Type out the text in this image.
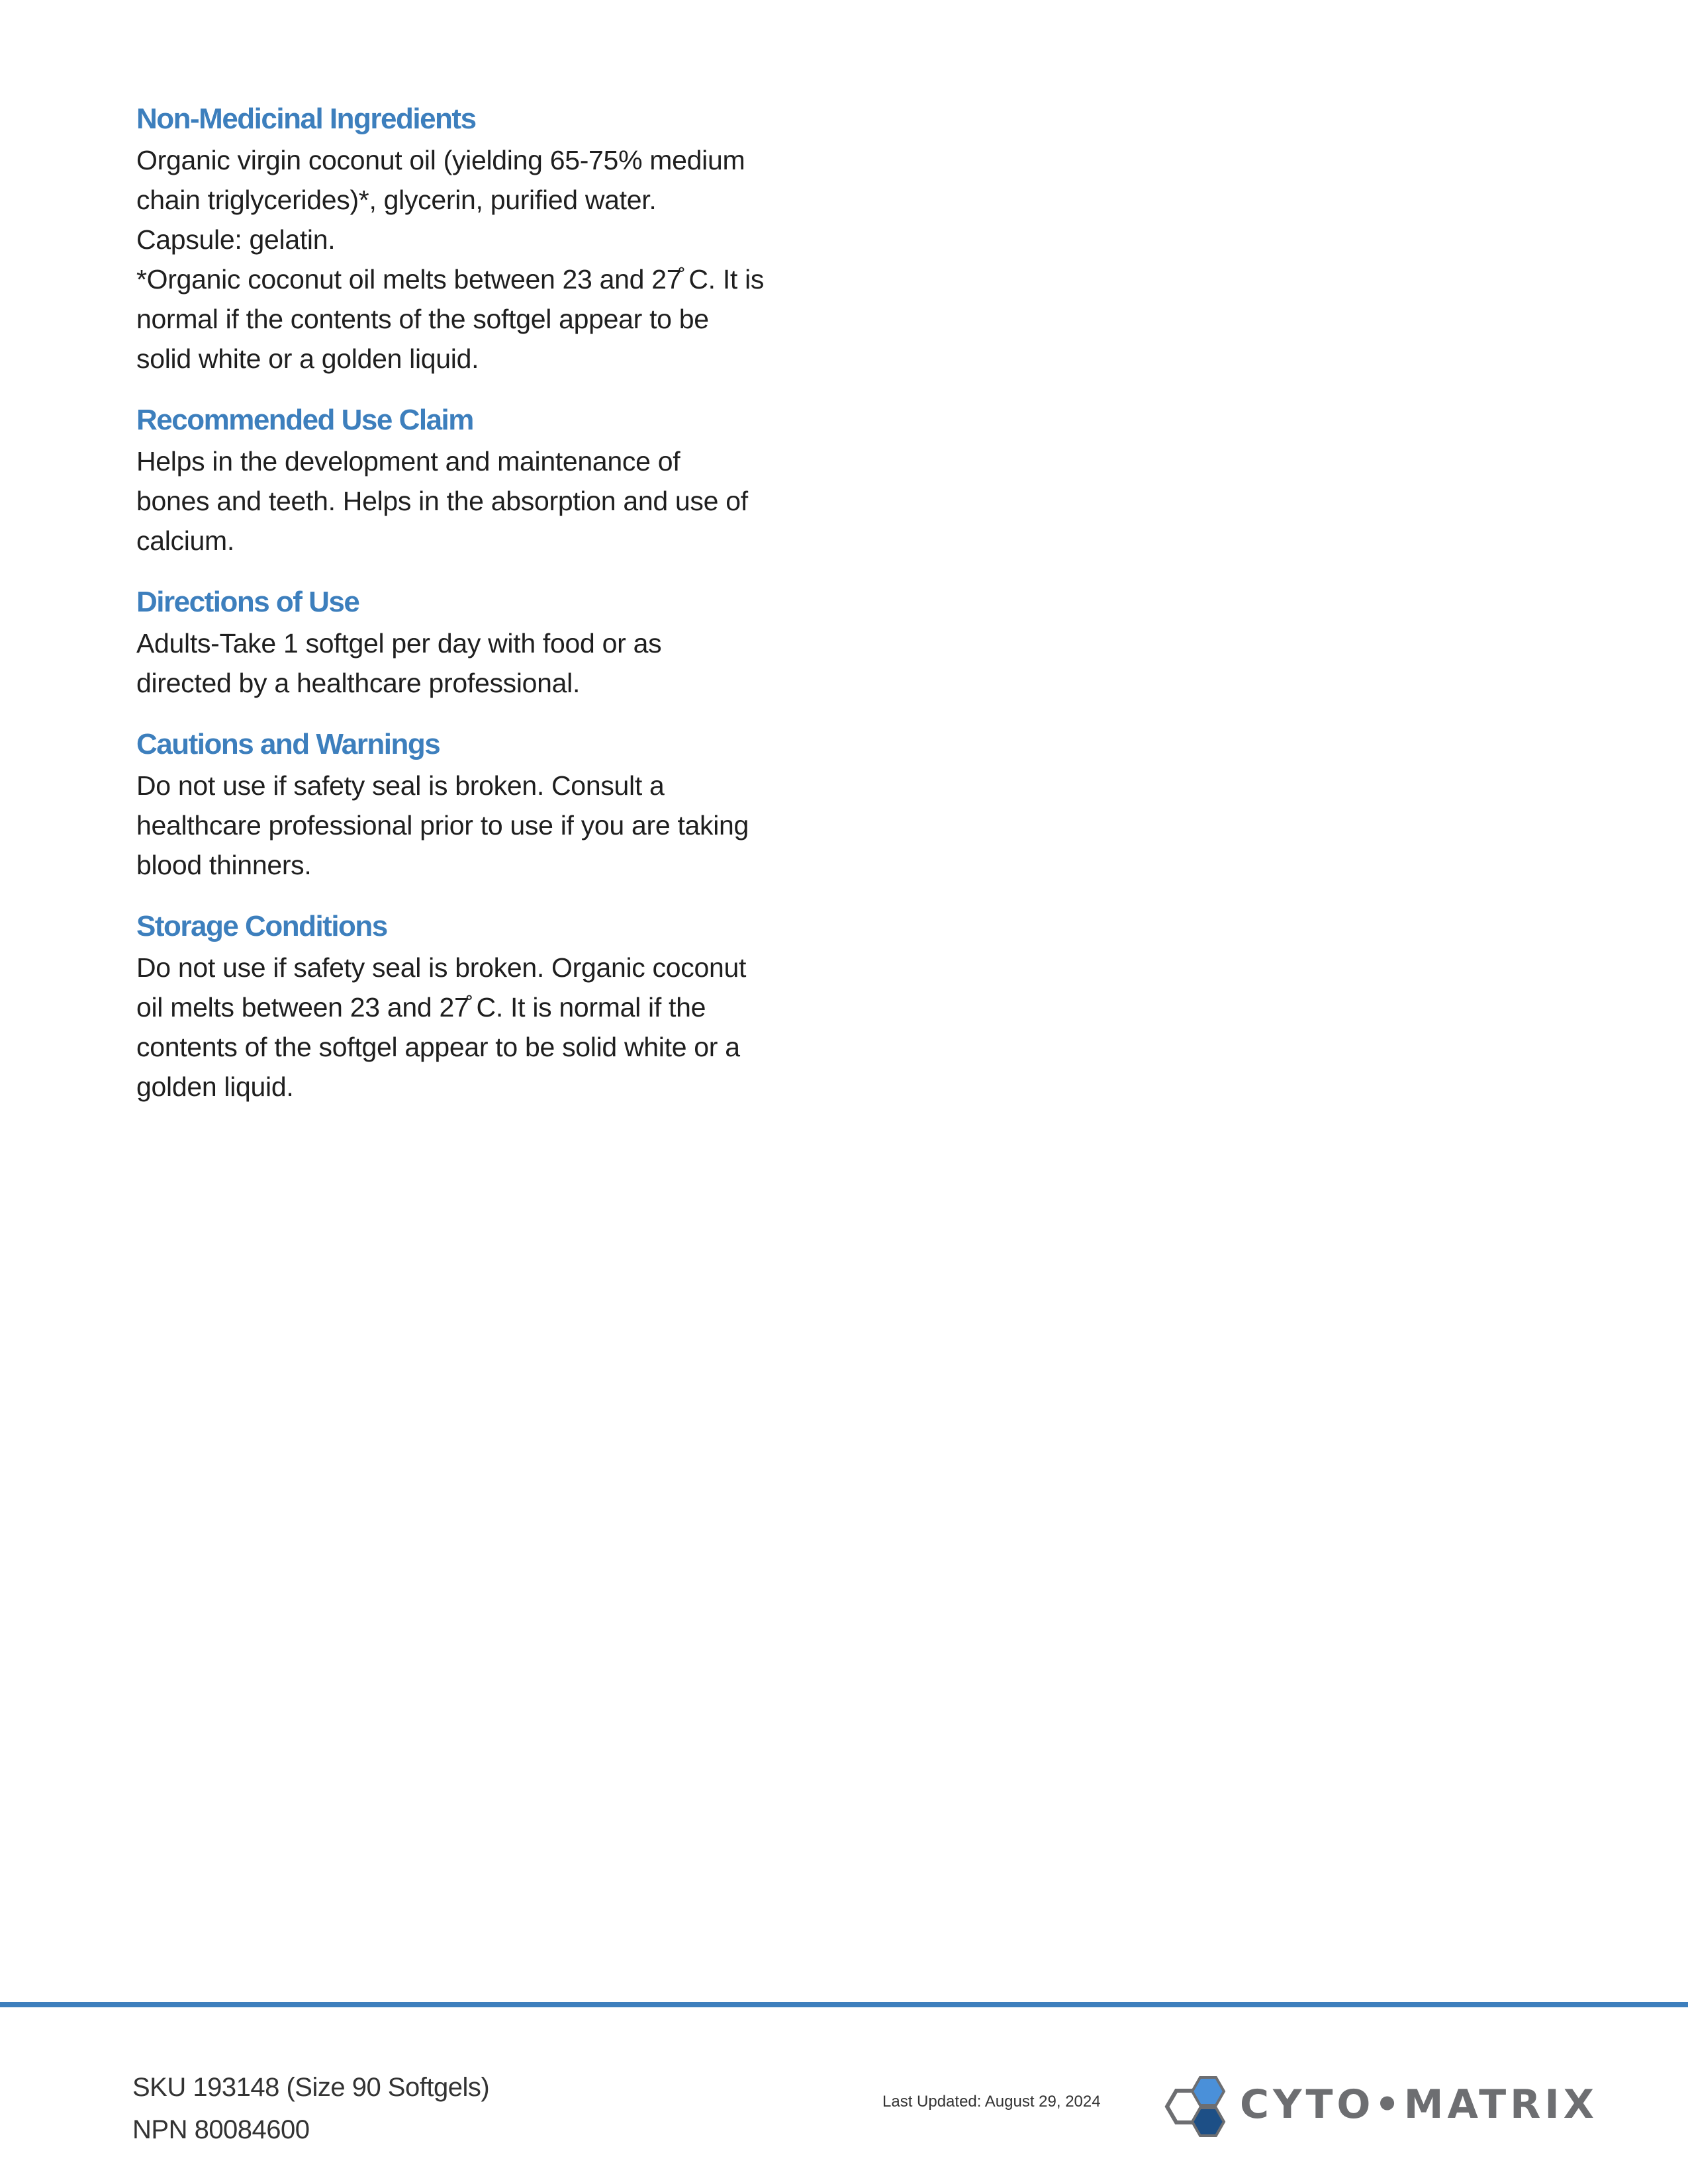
Non-Medicinal Ingredients
Organic virgin coconut oil (yielding 65-75% medium
chain triglycerides)*, glycerin, purified water.
Capsule: gelatin.
*Organic coconut oil melts between 23 and 27̊ C. It is
normal if the contents of the softgel appear to be
solid white or a golden liquid.
Recommended Use Claim
Helps in the development and maintenance of
bones and teeth. Helps in the absorption and use of
calcium.
Directions of Use
Adults-Take 1 softgel per day with food or as
directed by a healthcare professional.
Cautions and Warnings
Do not use if safety seal is broken. Consult a
healthcare professional prior to use if you are taking
blood thinners.
Storage Conditions
Do not use if safety seal is broken. Organic coconut
oil melts between 23 and 27̊ C. It is normal if the
contents of the softgel appear to be solid white or a
golden liquid.
SKU 193148 (Size 90 Softgels)
NPN 80084600
Last Updated: August 29, 2024	CYTO•MATRIX
